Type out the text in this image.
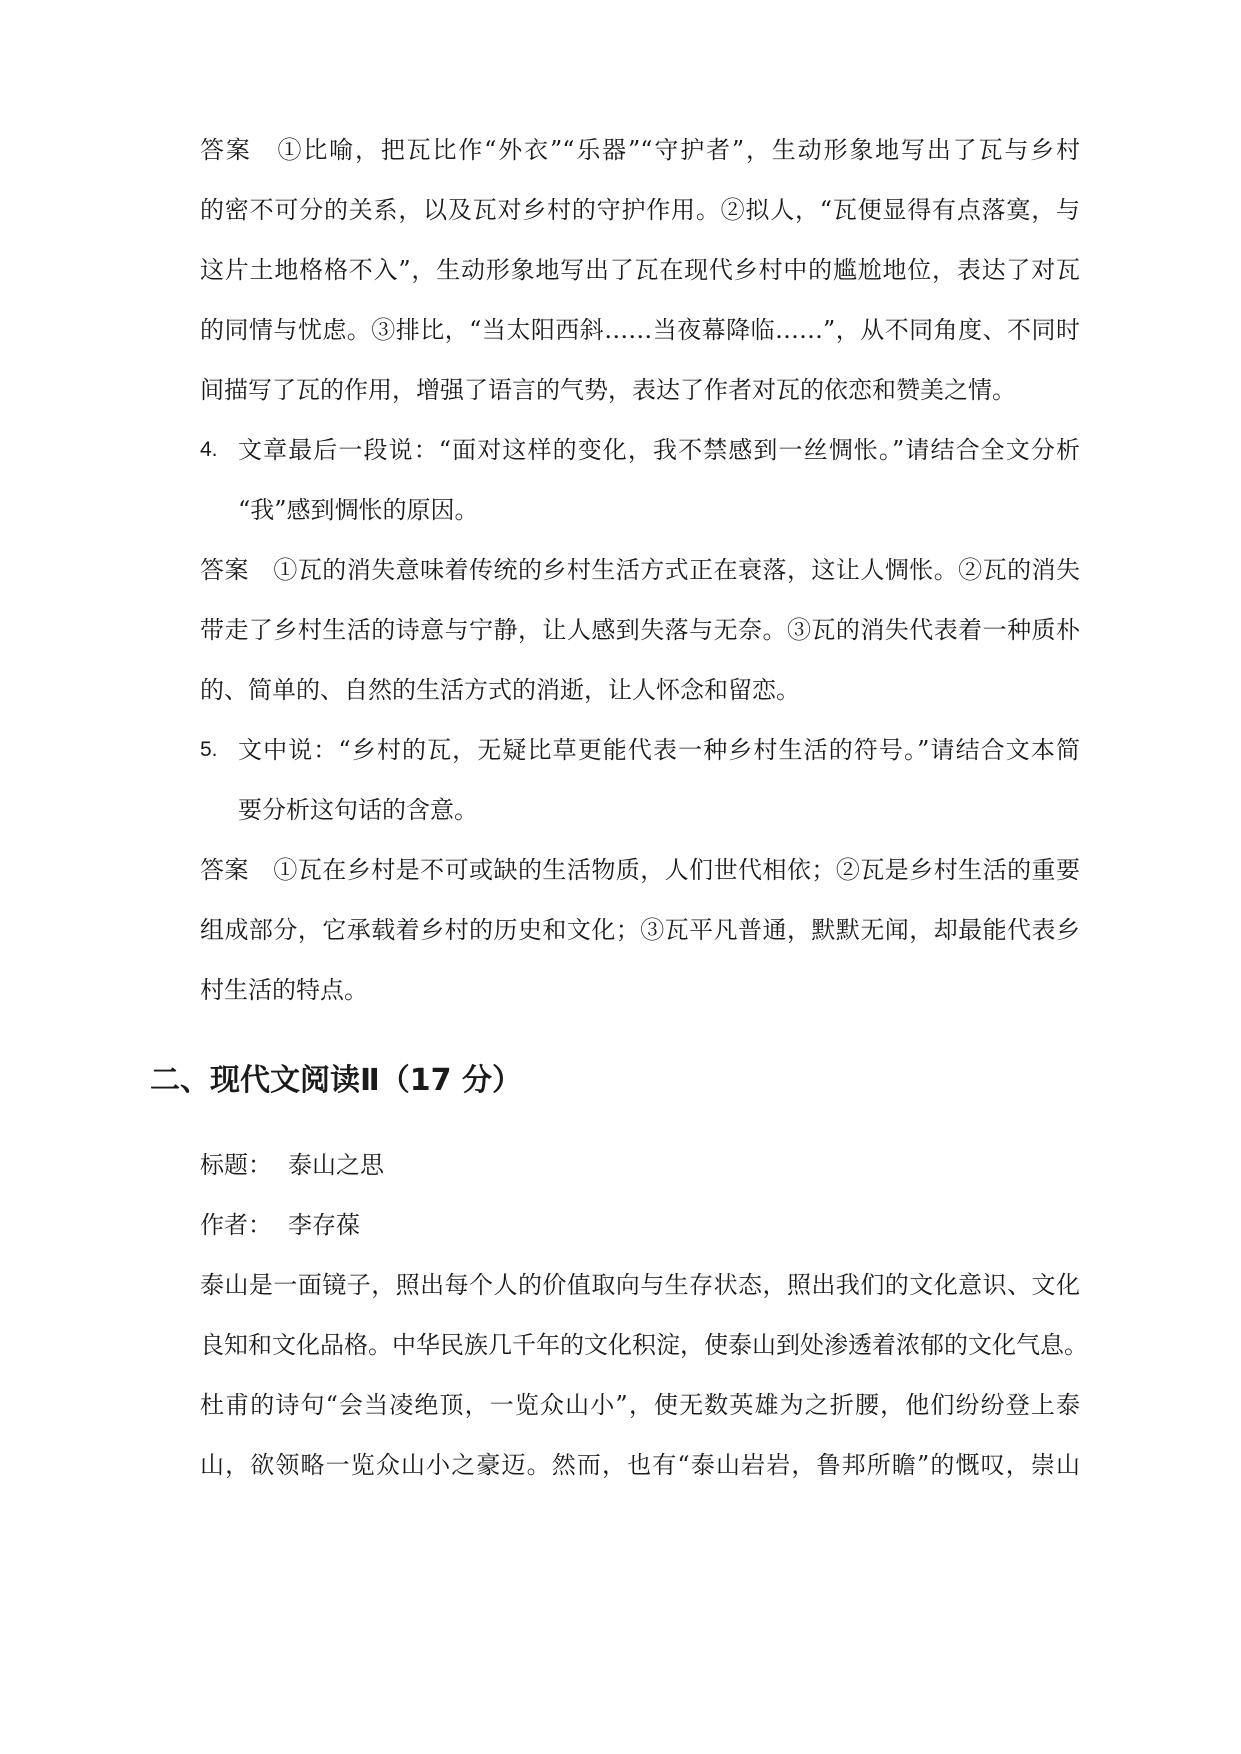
答案　①比喻，把瓦比作“外衣”“乐器”“守护者”，生动形象地写出了瓦与乡村
的密不可分的关系，以及瓦对乡村的守护作用。②拟人，“瓦便显得有点落寞，与
这片土地格格不入”，生动形象地写出了瓦在现代乡村中的尴尬地位，表达了对瓦
的同情与忧虑。③排比，“当太阳西斜……当夜幕降临……”，从不同角度、不同时
间描写了瓦的作用，增强了语言的气势，表达了作者对瓦的依恋和赞美之情。
4. 文章最后一段说：“面对这样的变化，我不禁感到一丝惆怅。”请结合全文分析
“我”感到惆怅的原因。
答案　①瓦的消失意味着传统的乡村生活方式正在衰落，这让人惆怅。②瓦的消失
带走了乡村生活的诗意与宁静，让人感到失落与无奈。③瓦的消失代表着一种质朴
的、简单的、自然的生活方式的消逝，让人怀念和留恋。
5. 文中说：“乡村的瓦，无疑比草更能代表一种乡村生活的符号。”请结合文本简
要分析这句话的含意。
答案　①瓦在乡村是不可或缺的生活物质，人们世代相依；②瓦是乡村生活的重要
组成部分，它承载着乡村的历史和文化；③瓦平凡普通，默默无闻，却最能代表乡
村生活的特点。
二、现代文阅读Ⅱ（17 分）
标题： 泰山之思
作者： 李存葆
泰山是一面镜子，照出每个人的价值取向与生存状态，照出我们的文化意识、文化
良知和文化品格。中华民族几千年的文化积淀，使泰山到处渗透着浓郁的文化气息。
杜甫的诗句“会当凌绝顶，一览众山小”，使无数英雄为之折腰，他们纷纷登上泰
山，欲领略一览众山小之豪迈。然而，也有“泰山岩岩，鲁邦所瞻”的慨叹，崇山
